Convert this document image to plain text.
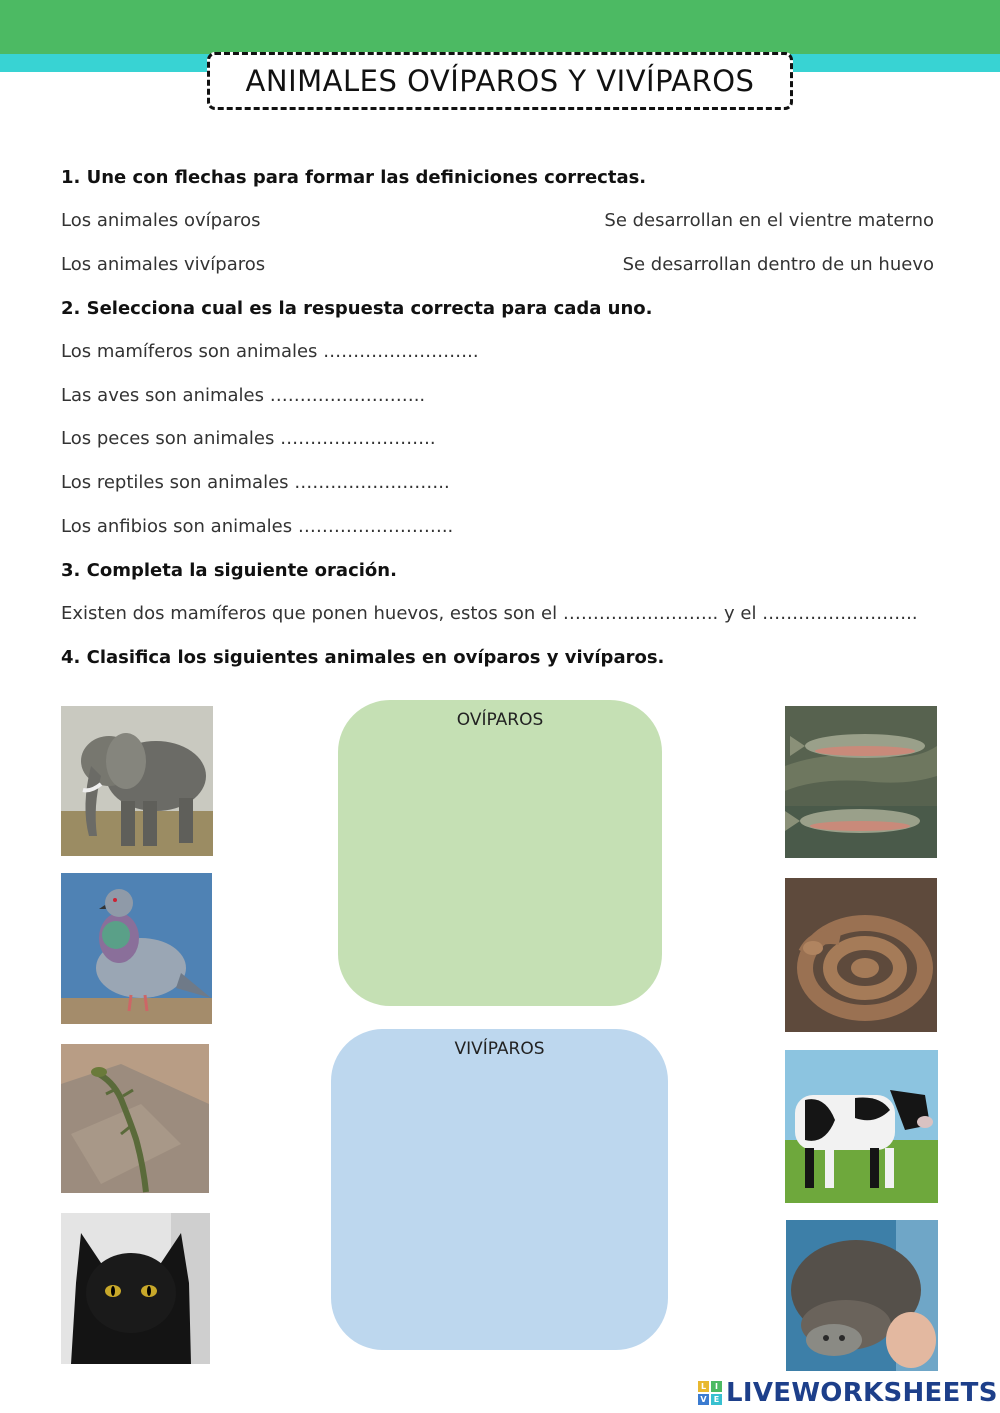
ANIMALES OVÍPAROS Y VIVÍPAROS
1. Une con flechas para formar las definiciones correctas.
Los animales ovíparos	Se desarrollan en el vientre materno
Los animales vivíparos	Se desarrollan dentro de un huevo
2. Selecciona cual es la respuesta correcta para cada uno.
Los mamíferos son animales ……………………..
Las aves son animales ……………………..
Los peces son animales ……………………..
Los reptiles son animales ……………………..
Los anfibios son animales ……………………..
3. Completa la siguiente oración.
Existen dos mamíferos que ponen huevos, estos son el …………………….. y el ……………………..
4. Clasifica los siguientes animales en ovíparos y vivíparos.
OVÍPAROS
VIVÍPAROS
L	I
V E LIVEWORKSHEETS
